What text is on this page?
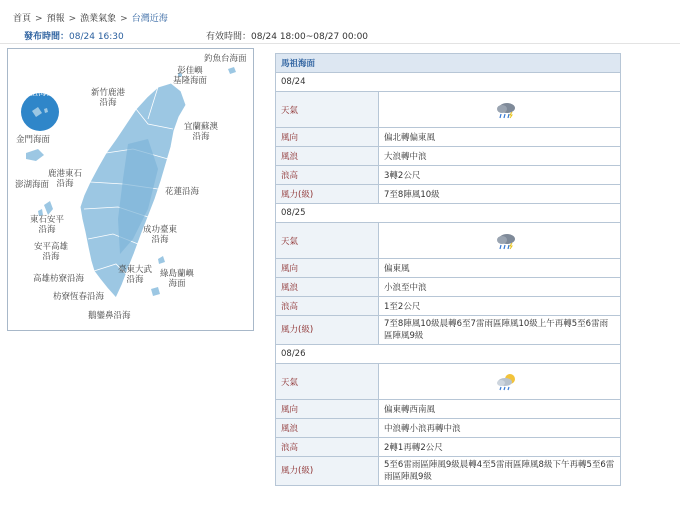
首頁 > 預報 > 漁業氣象 > 台灣近海
發布時間：08/24 16:30	有效時間：08/24 18:00~08/27 00:00
釣魚台海面
彭佳嶼
基隆海面
馬祖海面	新竹鹿港
沿海
宜蘭蘇澳
沿海
金門海面
鹿港東石
沿海
澎湖海面
花蓮沿海
東石安平
沿海	成功臺東
沿海
安平高雄
沿海
高雄枋寮沿海
臺東大武
沿海
綠島蘭嶼
海面
枋寮恆春沿海
鵝鑾鼻沿海
馬祖海面	
08/24	
天氣	

風向	偏北轉偏東風
風浪	大浪轉中浪
浪高	3轉2公尺
風力(級)	7至8陣風10級
08/25	
天氣	

風向	偏東風
風浪	小浪至中浪
浪高	1至2公尺
風力(級)	7至8陣風10級晨轉6至7雷雨區陣風10級上午再轉5至6雷雨區陣風9級
08/26	
天氣	

風向	偏東轉西南風
風浪	中浪轉小浪再轉中浪
浪高	2轉1再轉2公尺
風力(級)	5至6雷雨區陣風9級晨轉4至5雷雨區陣風8級下午再轉5至6雷雨區陣風9級
